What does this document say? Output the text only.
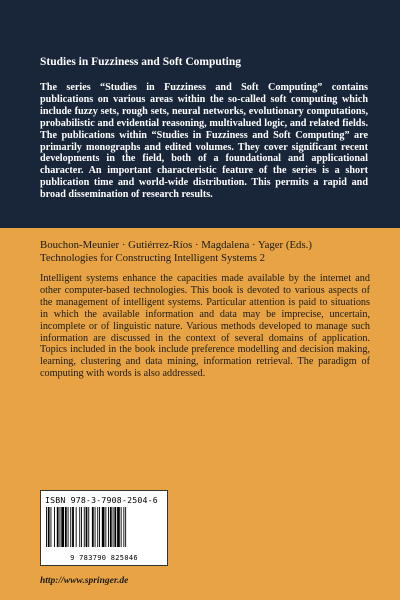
Studies in Fuzziness and Soft Computing
The series “Studies in Fuzziness and Soft Computing” contains publications on various areas within the so-called soft computing which include fuzzy sets, rough sets, neural networks, evolutionary computations, probabilistic and evidential reasoning, multivalued logic, and related fields. The publications within “Studies in Fuzziness and Soft Computing” are primarily monographs and edited volumes. They cover significant recent developments in the field, both of a foundational and applicational character. An important characteristic feature of the series is a short publication time and world-wide distribution. This permits a rapid and broad dissemination of research results.
Bouchon-Meunier · Gutiérrez-Ríos · Magdalena · Yager (Eds.)
Technologies for Constructing Intelligent Systems 2
Intelligent systems enhance the capacities made available by the internet and other computer-based technologies. This book is devoted to various aspects of the management of intelligent systems. Particular attention is paid to situations in which the available information and data may be imprecise, uncertain, incomplete or of linguistic nature. Various methods developed to manage such information are discussed in the context of several domains of application. Topics included in the book include preference modelling and decision making, learning, clustering and data mining, information retrieval. The paradigm of computing with words is also addressed.
ISBN 978-3-7908-2504-6
9 783790 825046
http://www.springer.de
